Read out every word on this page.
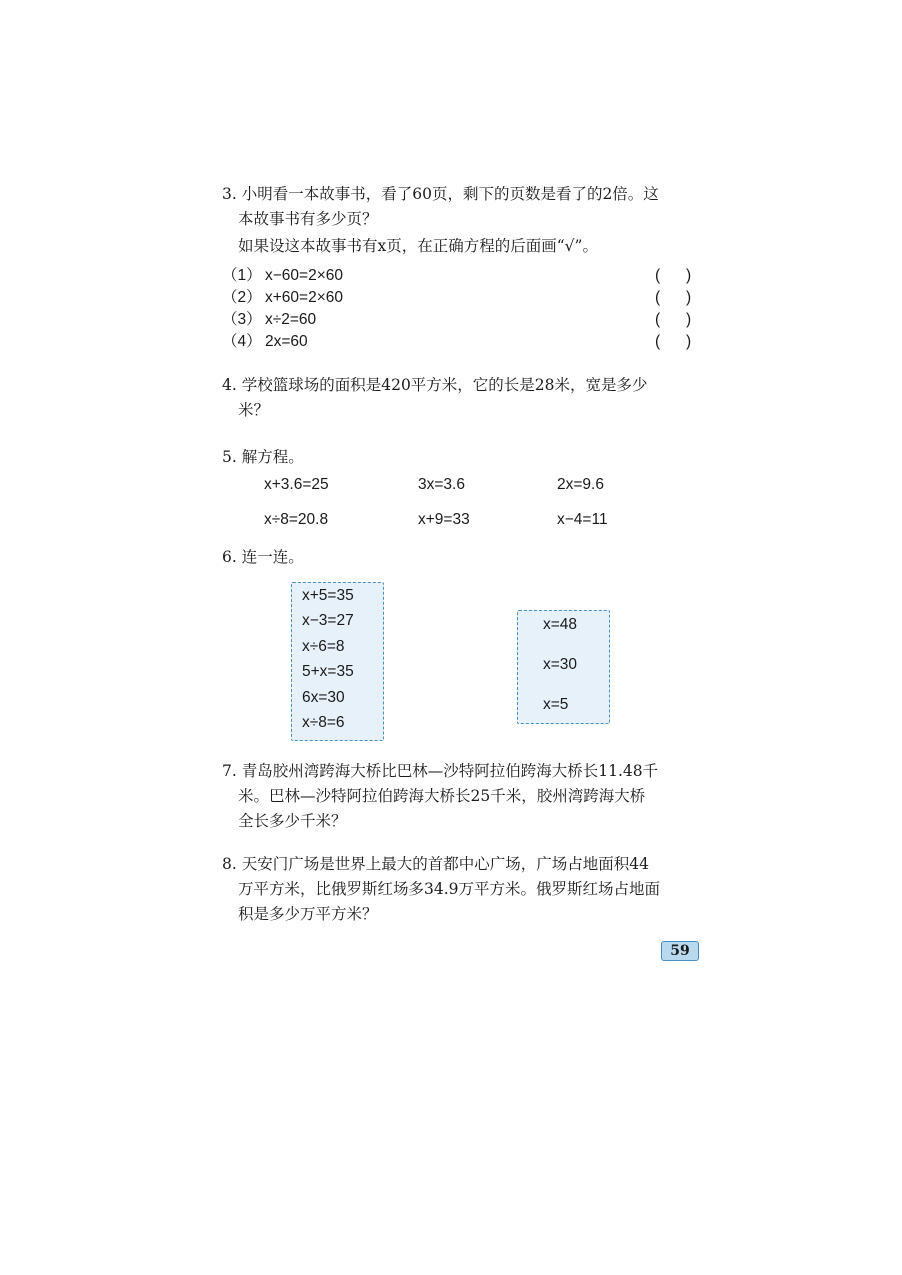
3. 小明看一本故事书，看了60页，剩下的页数是看了的2倍。这
本故事书有多少页？
如果设这本故事书有x页，在正确方程的后面画“√”。
（1） x−60=2×60	(      )
（2） x+60=2×60	(      )
（3） x÷2=60	(      )
（4） 2x=60	(      )
4. 学校篮球场的面积是420平方米，它的长是28米，宽是多少
米？
5. 解方程。
x+3.6=25	3x=3.6	2x=9.6
x÷8=20.8	x+9=33	x−4=11
6. 连一连。
x+5=35
x−3=27
x÷6=8
5+x=35
6x=30
x÷8=6
x=48
x=30
x=5
7. 青岛胶州湾跨海大桥比巴林—沙特阿拉伯跨海大桥长11.48千
米。巴林—沙特阿拉伯跨海大桥长25千米，胶州湾跨海大桥
全长多少千米？
8. 天安门广场是世界上最大的首都中心广场，广场占地面积44
万平方米，比俄罗斯红场多34.9万平方米。俄罗斯红场占地面
积是多少万平方米？
59
